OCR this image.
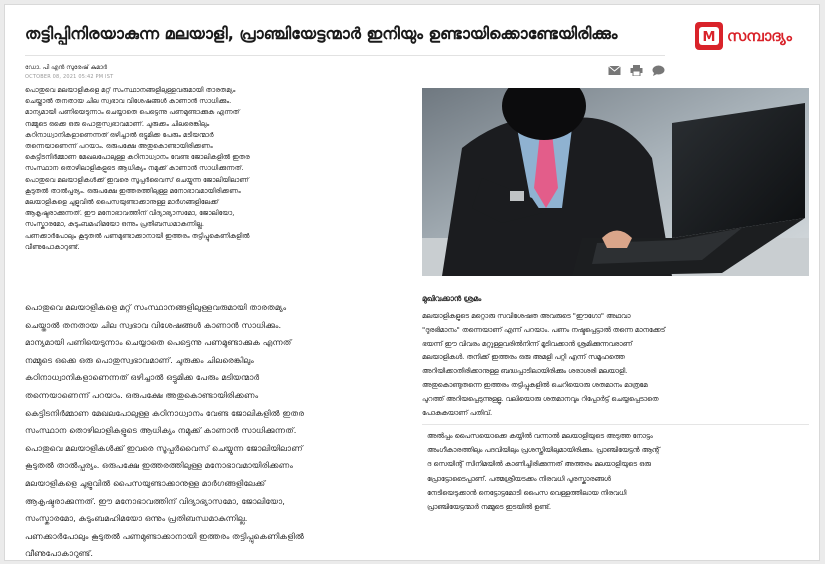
തട്ടിപ്പിനിരയാകുന്ന മലയാളി, പ്രാഞ്ചിയേട്ടന്മാർ ഇനിയും ഉണ്ടായിക്കൊണ്ടേയിരിക്കും	M സമ്പാദ്യം
ഡോ. പി എൻ സുരേഷ് കുമാർ
OCTOBER 08, 2021 05:42 PM IST

പൊതുവെ മലയാളികളെ മറ്റ് സംസ്ഥാനങ്ങളിലുള്ളവരുമായി താരതമ്യം

ചെയ്താൽ തനതായ ചില സ്വഭാവ വിശേഷങ്ങൾ കാണാൻ സാധിക്കും.

മാന്യമായി പണിയെടുന്നാം ചെയ്യാതെ പെട്ടെന്നു പണമുണ്ടാക്കുക എന്നത്

നമ്മുടെ ഒക്കെ ഒരു പൊതുസ്വഭാവമാണ്. ചുരുക്കം ചിലരെങ്കിലും

കഠിനാധ്വാനികളാണെന്നത് ഒഴിച്ചാൽ ഒട്ടുമിക്ക പേരും മടിയന്മാർ

തന്നെയാണെന്ന് പറയാം. ഒരുപക്ഷേ അതുകൊണ്ടായിരിക്കണം

കെട്ടിടനിർമ്മാണ മേഖലപോലുള്ള കഠിനാധ്വാനം വേണ്ട ജോലികളിൽ ഇതര

സംസ്ഥാന തൊഴിലാളികളുടെ ആധിക്യം നമുക്ക് കാണാൻ സാധിക്കുന്നത്.

പൊതുവെ മലയാളികൾക്ക് ഇവരെ സൂപ്പർവൈസ് ചെയ്യുന്ന ജോലിയിലാണ്

കൂടുതൽ താൽപ്പര്യം. ഒരുപക്ഷേ ഇത്തരത്തിലുള്ള മനോഭാവമായിരിക്കണം

മലയാളികളെ ചുളുവിൽ പൈസയുണ്ടാക്കാനുള്ള മാർഗങ്ങളിലേക്ക്

ആകൃഷ്ടരാക്കുന്നത്. ഈ മനോഭാവത്തിന് വിദ്യാഭ്യാസമോ, ജോലിയോ,

സംസ്കാരമോ, കുടുംബമഹിമയോ ഒന്നും പ്രതിബന്ധമാകുന്നില്ല.

പണക്കാർപോലും കൂടുതൽ പണമുണ്ടാക്കാനായി ഇത്തരം തട്ടിപ്പുകെണികളിൽ

വീണുപോകാറുണ്ട്.

പൊതുവെ മലയാളികളെ മറ്റ് സംസ്ഥാനങ്ങളിലുള്ളവരുമായി താരതമ്യം

ചെയ്താൽ തനതായ ചില സ്വഭാവ വിശേഷങ്ങൾ കാണാൻ സാധിക്കും.

മാന്യമായി പണിയെടുന്നാം ചെയ്യാതെ പെട്ടെന്നു പണമുണ്ടാക്കുക എന്നത്

നമ്മുടെ ഒക്കെ ഒരു പൊതുസ്വഭാവമാണ്. ചുരുക്കം ചിലരെങ്കിലും

കഠിനാധ്വാനികളാണെന്നത് ഒഴിച്ചാൽ ഒട്ടുമിക്ക പേരും മടിയന്മാർ

തന്നെയാണെന്ന് പറയാം. ഒരുപക്ഷേ അതുകൊണ്ടായിരിക്കണം

കെട്ടിടനിർമ്മാണ മേഖലപോലുള്ള കഠിനാധ്വാനം വേണ്ട ജോലികളിൽ ഇതര

സംസ്ഥാന തൊഴിലാളികളുടെ ആധിക്യം നമുക്ക് കാണാൻ സാധിക്കുന്നത്.

പൊതുവെ മലയാളികൾക്ക് ഇവരെ സൂപ്പർവൈസ് ചെയ്യുന്ന ജോലിയിലാണ്

കൂടുതൽ താൽപ്പര്യം. ഒരുപക്ഷേ ഇത്തരത്തിലുള്ള മനോഭാവമായിരിക്കണം

മലയാളികളെ ചുളുവിൽ പൈസയുണ്ടാക്കാനുള്ള മാർഗങ്ങളിലേക്ക്

ആകൃഷ്ടരാക്കുന്നത്. ഈ മനോഭാവത്തിന് വിദ്യാഭ്യാസമോ, ജോലിയോ,

സംസ്കാരമോ, കുടുംബമഹിമയോ ഒന്നും പ്രതിബന്ധമാകുന്നില്ല.

പണക്കാർപോലും കൂടുതൽ പണമുണ്ടാക്കാനായി ഇത്തരം തട്ടിപ്പുകെണികളിൽ

വീണുപോകാറുണ്ട്.

മുഖിവക്കാൻ ശ്രമം

മലയാളികളുടെ മറ്റൊരു സവിശേഷത അവരുടെ "ഈഗോ" അഥവാ

"ദുരഭിമാനം" തന്നെയാണ് എന്ന് പറയാം. പണം നഷ്ടപ്പെട്ടാൽ തന്നെ മാനക്കേട്

ഭയന്ന് ഈ വിവരം മറ്റുള്ളവരിൽനിന്ന് മൂടിവക്കാൻ ശ്രമിക്കുന്നവരാണ്

മലയാളികൾ. തനിക്ക് ഇത്തരം ഒരു അമളി പറ്റി എന്ന് സമൂഹത്തെ

അറിയിക്കാതിരിക്കാനുള്ള ബദ്ധപ്പാടിലായിരിക്കും ശരാശരി മലയാളി.

അതുകൊണ്ടുതന്നെ ഇത്തരം തട്ടിപ്പുകളിൽ ചെറിയൊരു ശതമാനം മാത്രമേ

പുറത്ത് അറിയപ്പെടുന്നുള്ളൂ. വലിയൊരു ശതമാനവും റിപ്പോർട്ട് ചെയ്യപ്പെടാതെ

പോകുകയാണ് പതിവ്.

അൽപ്പം പൈസയൊക്കെ കയ്യിൽ വന്നാൽ മലയാളിയുടെ അടുത്ത നോട്ടം

അംഗീകാരത്തിലും പദവിയിലും പ്രശസ്തിയിലുമായിരിക്കും. പ്രാഞ്ചിയേട്ടൻ ആന്റ്

ദ സെയിന്റ് സിനിമയിൽ കാണിച്ചിരിക്കുന്നത് അത്തരം മലയാളിയുടെ ഒരു

പ്രോട്ടോടൈപ്പാണ്. പത്മശ്രീയടക്കം നിരവധി പുരസ്കാരങ്ങൾ

നേടിയെടുക്കാൻ നെട്ടോട്ടമോടി പൈസ വെള്ളത്തിലായ നിരവധി

പ്രാഞ്ചിയേട്ടന്മാർ നമ്മുടെ ഇടയിൽ ഉണ്ട്.
